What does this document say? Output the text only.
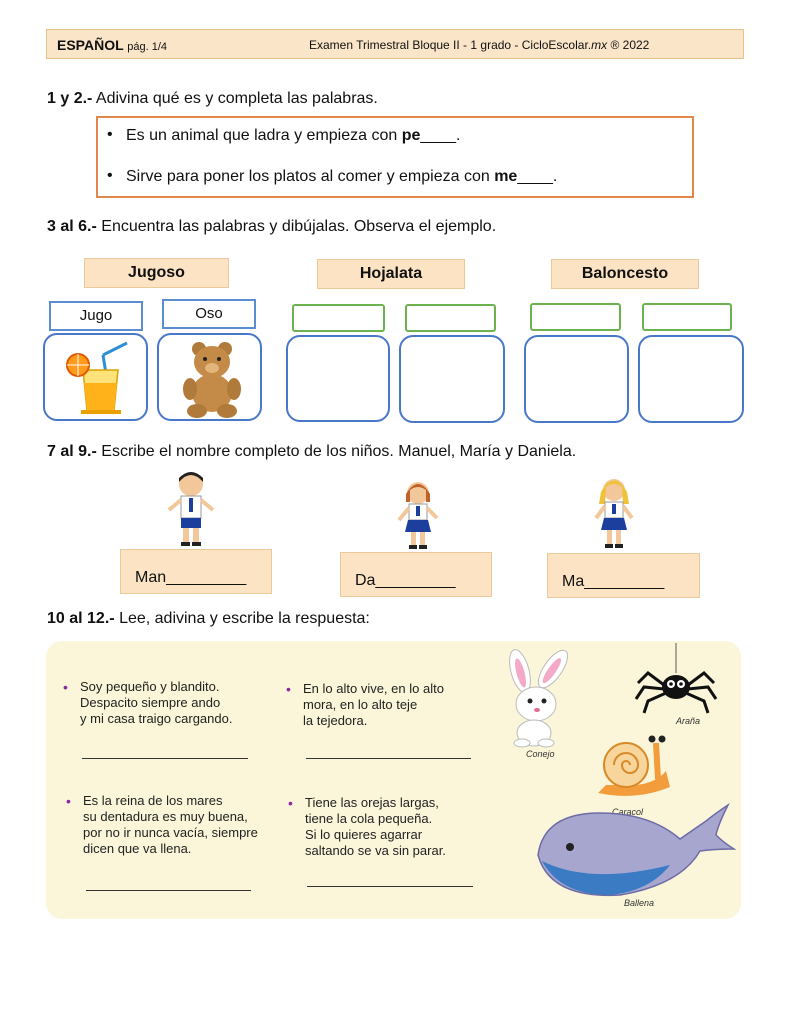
ESPAÑOL pág. 1/4	Examen Trimestral Bloque II - 1 grado - CicloEscolar.mx ® 2022
1 y 2.- Adivina qué es y completa las palabras.
• Es un animal que ladra y empieza con pe____.
• Sirve para poner los platos al comer y empieza con me____.
3 al 6.- Encuentra las palabras y dibújalas. Observa el ejemplo.
Jugoso	Hojalata	Baloncesto
Jugo	Oso
7 al 9.- Escribe el nombre completo de los niños. Manuel, María y Daniela.
Man_________	Da_________	Ma_________
10 al 12.- Lee, adivina y escribe la respuesta:
• Soy pequeño y blandito.
Despacito siempre ando
y mi casa traigo cargando.
• En lo alto vive, en lo alto
mora, en lo alto teje
la tejedora.
• Es la reina de los mares
su dentadura es muy buena,
por no ir nunca vacía, siempre
dicen que va llena.
• Tiene las orejas largas,
tiene la cola pequeña.
Si lo quieres agarrar
saltando se va sin parar.
Conejo
Araña
Caracol
Ballena
